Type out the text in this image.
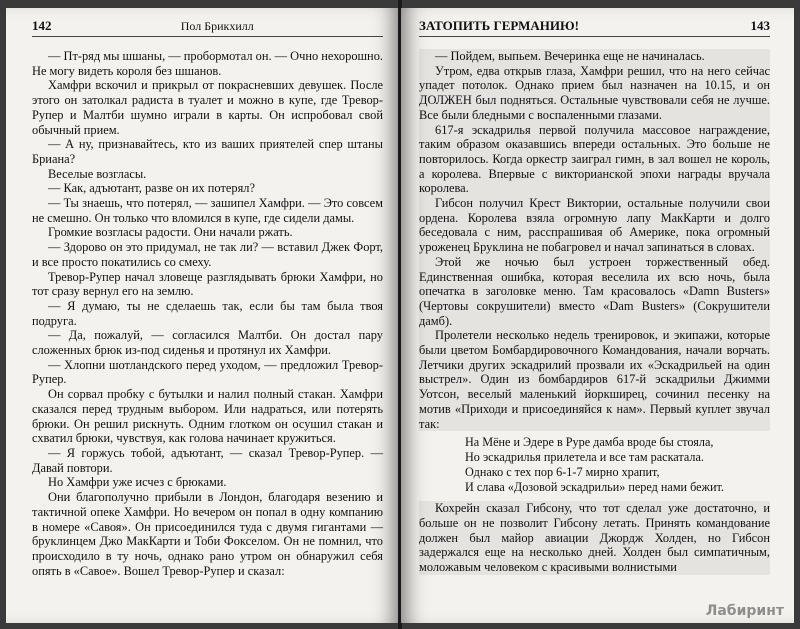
142	Пол Брикхилл

— Пт-ряд мы шшаны, — пробормотал он. — Очно нехорошно. Не могу видеть короля без шшанов.

Хамфри вскочил и прикрыл от покрасневших девушек. После этого он затолкал радиста в туалет и можно в купе, где Тревор-Рупер и Малтби шумно играли в карты. Он испробовал свой обычный прием.

— А ну, признавайтесь, кто из ваших приятелей спер штаны Бриана?

Веселые возгласы.

— Как, адъютант, разве он их потерял?

— Ты знаешь, что потерял, — зашипел Хамфри. — Это совсем не смешно. Он только что вломился в купе, где сидели дамы.

Громкие возгласы радости. Они начали ржать.

— Здорово он это придумал, не так ли? — вставил Джек Форт, и все просто покатились со смеху.

Тревор-Рупер начал зловеще разглядывать брюки Хамфри, но тот сразу вернул его на землю.

— Я думаю, ты не сделаешь так, если бы там была твоя подруга.

— Да, пожалуй, — согласился Малтби. Он достал пару сложенных брюк из-под сиденья и протянул их Хамфри.

— Хлопни шотландского перед уходом, — предложил Тревор-Рупер.

Он сорвал пробку с бутылки и налил полный стакан. Хамфри сказался перед трудным выбором. Или надраться, или потерять брюки. Он решил рискнуть. Одним глотком он осушил стакан и схватил брюки, чувствуя, как голова начинает кружиться.

— Я горжусь тобой, адъютант, — сказал Тревор-Рупер. — Давай повтори.

Но Хамфри уже исчез с брюками.

Они благополучно прибыли в Лондон, благодаря везению и тактичной опеке Хамфри. Но вечером он попал в одну компанию в номере «Савоя». Он присоединился туда с двумя гигантами — бруклинцем Джо МакКарти и Тоби Фокселом. Он не помнил, что происходило в ту ночь, однако рано утром он обнаружил себя опять в «Савое». Вошел Тревор-Рупер и сказал:

ЗАТОПИТЬ ГЕРМАНИЮ!	143

— Пойдем, выпьем. Вечеринка еще не начиналась.

Утром, едва открыв глаза, Хамфри решил, что на него сейчас упадет потолок. Однако прием был назначен на 10.15, и он ДОЛЖЕН был подняться. Остальные чувствовали себя не лучше. Все были бледными с воспаленными глазами.

617-я эскадрилья первой получила массовое награждение, таким образом оказавшись впереди остальных. Это больше не повторилось. Когда оркестр заиграл гимн, в зал вошел не король, а королева. Впервые с викторианской эпохи награды вручала королева.

Гибсон получил Крест Виктории, остальные получили свои ордена. Королева взяла огромную лапу МакКарти и долго беседовала с ним, расспрашивая об Америке, пока огромный уроженец Бруклина не побагровел и начал запинаться в словах.

Этой же ночью был устроен торжественный обед. Единственная ошибка, которая веселила их всю ночь, была опечатка в заголовке меню. Там красовалось «Damn Busters» (Чертовы сокрушители) вместо «Dam Busters» (Сокрушители дамб).

Пролетели несколько недель тренировок, и экипажи, которые были цветом Бомбардировочного Командования, начали ворчать. Летчики других эскадрилий прозвали их «Эскадрильей на один выстрел». Один из бомбардиров 617-й эскадрильи Джимми Уотсон, веселый маленький йоркширец, сочинил песенку на мотив «Приходи и присоединяйся к нам». Первый куплет звучал так:

На Мёне и Эдере в Руре дамба вроде бы стояла,

Но эскадрилья прилетела и все там раскатала.

Однако с тех пор 6-1-7 мирно храпит,

И слава «Дозовой эскадрильи» перед нами бежит.

Кохрейн сказал Гибсону, что тот сделал уже достаточно, и больше он не позволит Гибсону летать. Принять командование должен был майор авиации Джордж Холден, но Гибсон задержался еще на несколько дней. Холден был симпатичным, моложавым человеком с красивыми волнистыми

Лабиринт
